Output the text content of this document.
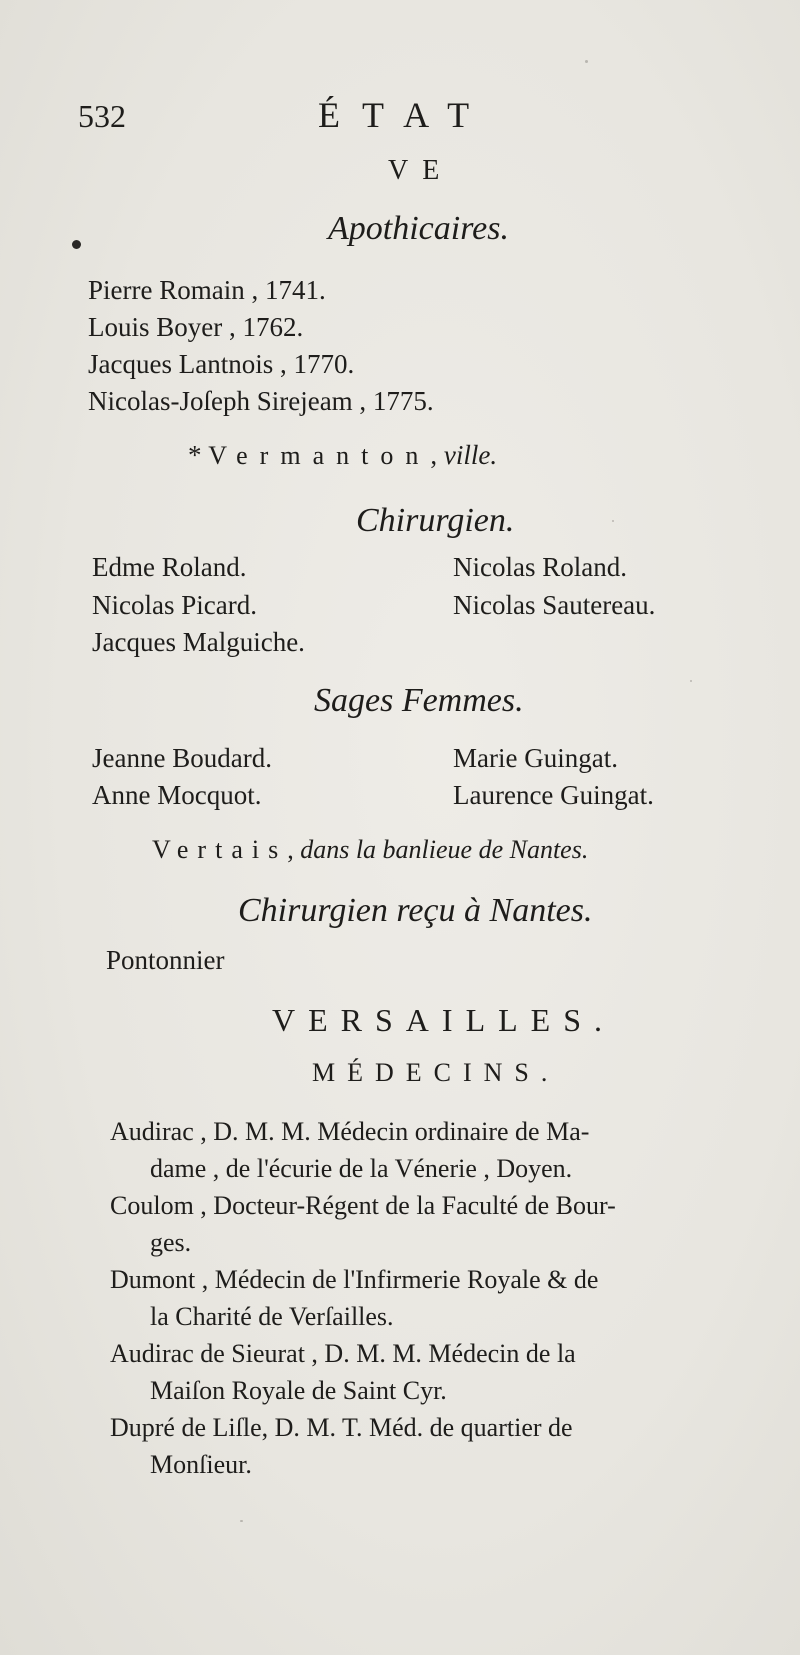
532	ÉTAT
VE
Apothicaires.
Pierre Romain , 1741.
Louis Boyer , 1762.
Jacques Lantnois , 1770.
Nicolas-Joſeph Sirejeam , 1775.
* Vermanton, ville.
Chirurgien.
Edme Roland.	Nicolas Roland.
Nicolas Picard.	Nicolas Sautereau.
Jacques Malguiche.
Sages Femmes.
Jeanne Boudard.	Marie Guingat.
Anne Mocquot.	Laurence Guingat.
Vertais, dans la banlieue de Nantes.
Chirurgien reçu à Nantes.
Pontonnier
VERSAILLES.
MÉDECINS.
Audirac , D. M. M. Médecin ordinaire de Ma-
dame , de l'écurie de la Vénerie , Doyen.
Coulom , Docteur-Régent de la Faculté de Bour-
ges.
Dumont , Médecin de l'Infirmerie Royale & de
la Charité de Verſailles.
Audirac de Sieurat , D. M. M. Médecin de la
Maiſon Royale de Saint Cyr.
Dupré de Liſle, D. M. T. Méd. de quartier de
Monſieur.
